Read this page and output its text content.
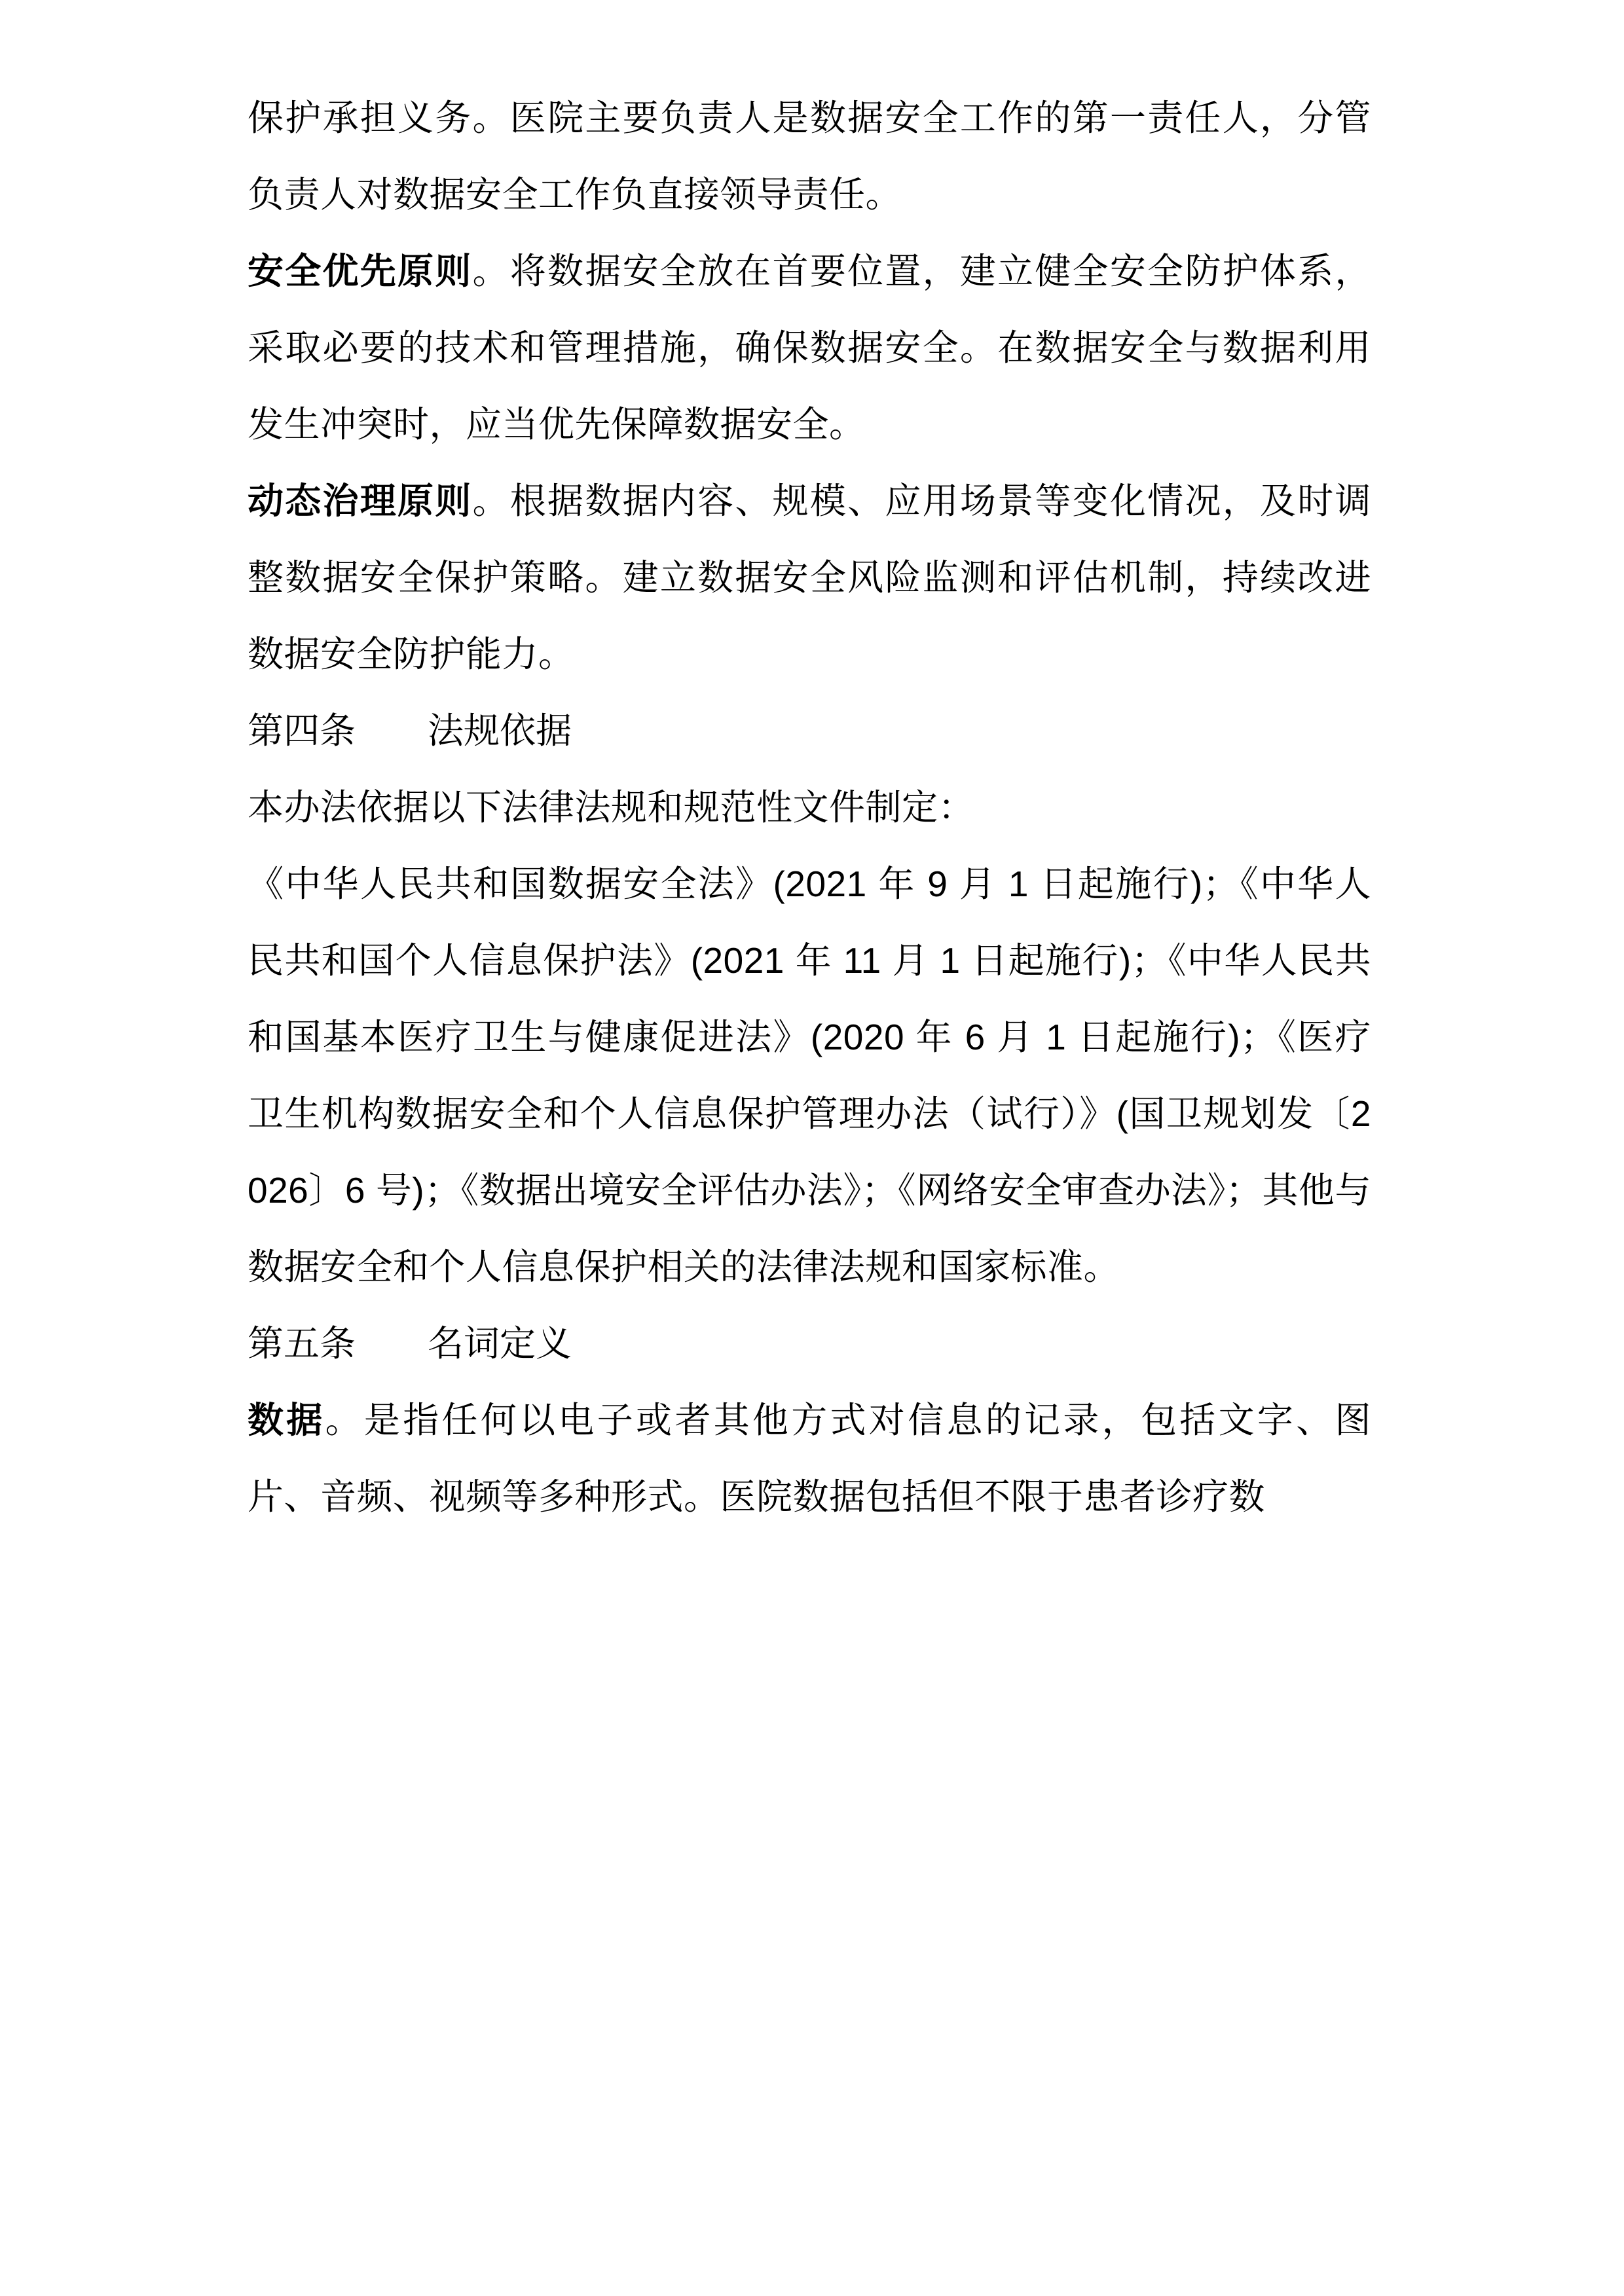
保护承担义务。医院主要负责人是数据安全工作的第一责任人，分管负责人对数据安全工作负直接领导责任。

安全优先原则。将数据安全放在首要位置，建立健全安全防护体系，采取必要的技术和管理措施，确保数据安全。在数据安全与数据利用发生冲突时，应当优先保障数据安全。

动态治理原则。根据数据内容、规模、应用场景等变化情况，及时调整数据安全保护策略。建立数据安全风险监测和评估机制，持续改进数据安全防护能力。

第四条　　 法规依据

本办法依据以下法律法规和规范性文件制定：

《中华人民共和国数据安全法》(2021 年 9 月 1 日起施行)；《中华人民共和国个人信息保护法》(2021 年 11 月 1 日起施行)；《中华人民共和国基本医疗卫生与健康促进法》(2020 年 6 月 1 日起施行)；《医疗卫生机构数据安全和个人信息保护管理办法（试行）》(国卫规划发〔2026〕6 号)；《数据出境安全评估办法》；《网络安全审查办法》；其他与数据安全和个人信息保护相关的法律法规和国家标准。

第五条　　 名词定义

数据。是指任何以电子或者其他方式对信息的记录，包括文字、图片、音频、视频等多种形式。医院数据包括但不限于患者诊疗数
